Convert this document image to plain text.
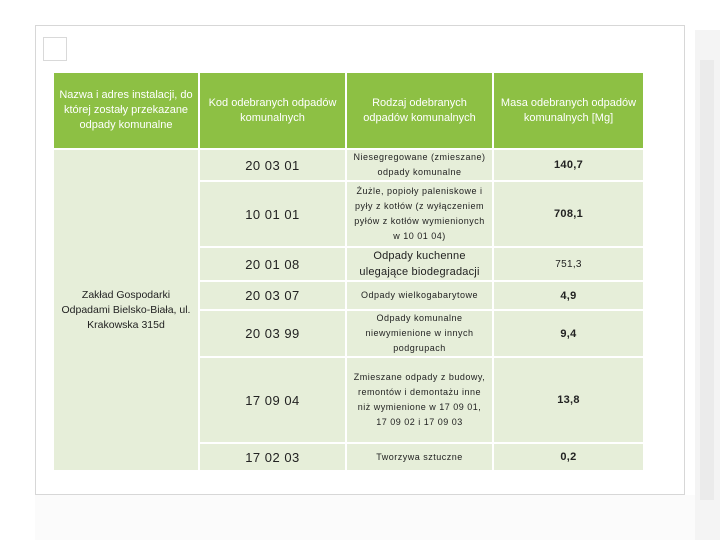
Nazwa i adres instalacji, do której zostały przekazane odpady komunalne	Kod odebranych odpadów komunalnych	Rodzaj odebranych odpadów komunalnych	Masa odebranych odpadów komunalnych [Mg]
Zakład Gospodarki Odpadami Bielsko-Biała, ul. Krakowska 315d	20 03 01	Niesegregowane (zmieszane) odpady komunalne	140,7
	10 01 01	Żużle, popioły paleniskowe i pyły z kotłów (z wyłączeniem pyłów z kotłów wymienionych w 10 01 04)	708,1
	20 01 08	Odpady kuchenne ulegające biodegradacji	751,3
	20 03 07	Odpady wielkogabarytowe	4,9
	20 03 99	Odpady komunalne niewymienione w innych podgrupach	9,4
	17 09 04	Zmieszane odpady z budowy, remontów i demontażu inne niż wymienione w 17 09 01, 17 09 02 i 17 09 03	13,8
	17 02 03	Tworzywa sztuczne	0,2
